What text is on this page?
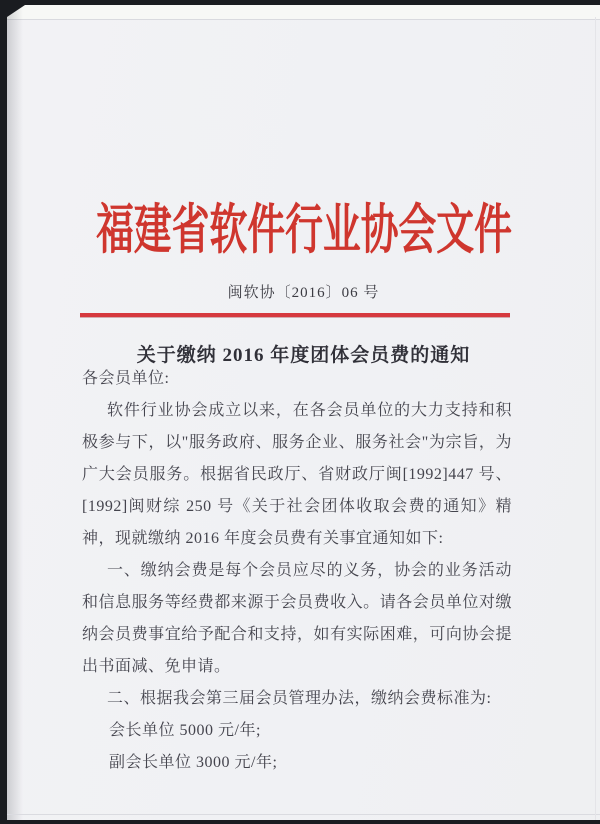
福建省软件行业协会文件
闽软协〔2016〕06 号
关于缴纳 2016 年度团体会员费的通知

各会员单位:

软件行业协会成立以来，在各会员单位的大力支持和积极参与下，以"服务政府、服务企业、服务社会"为宗旨，为广大会员服务。根据省民政厅、省财政厅闽[1992]447 号、[1992]闽财综 250 号《关于社会团体收取会费的通知》精神，现就缴纳 2016 年度会员费有关事宜通知如下:

一、缴纳会费是每个会员应尽的义务，协会的业务活动和信息服务等经费都来源于会员费收入。请各会员单位对缴纳会员费事宜给予配合和支持，如有实际困难，可向协会提出书面减、免申请。

二、根据我会第三届会员管理办法，缴纳会费标准为:

会长单位 5000 元/年;

副会长单位 3000 元/年;
